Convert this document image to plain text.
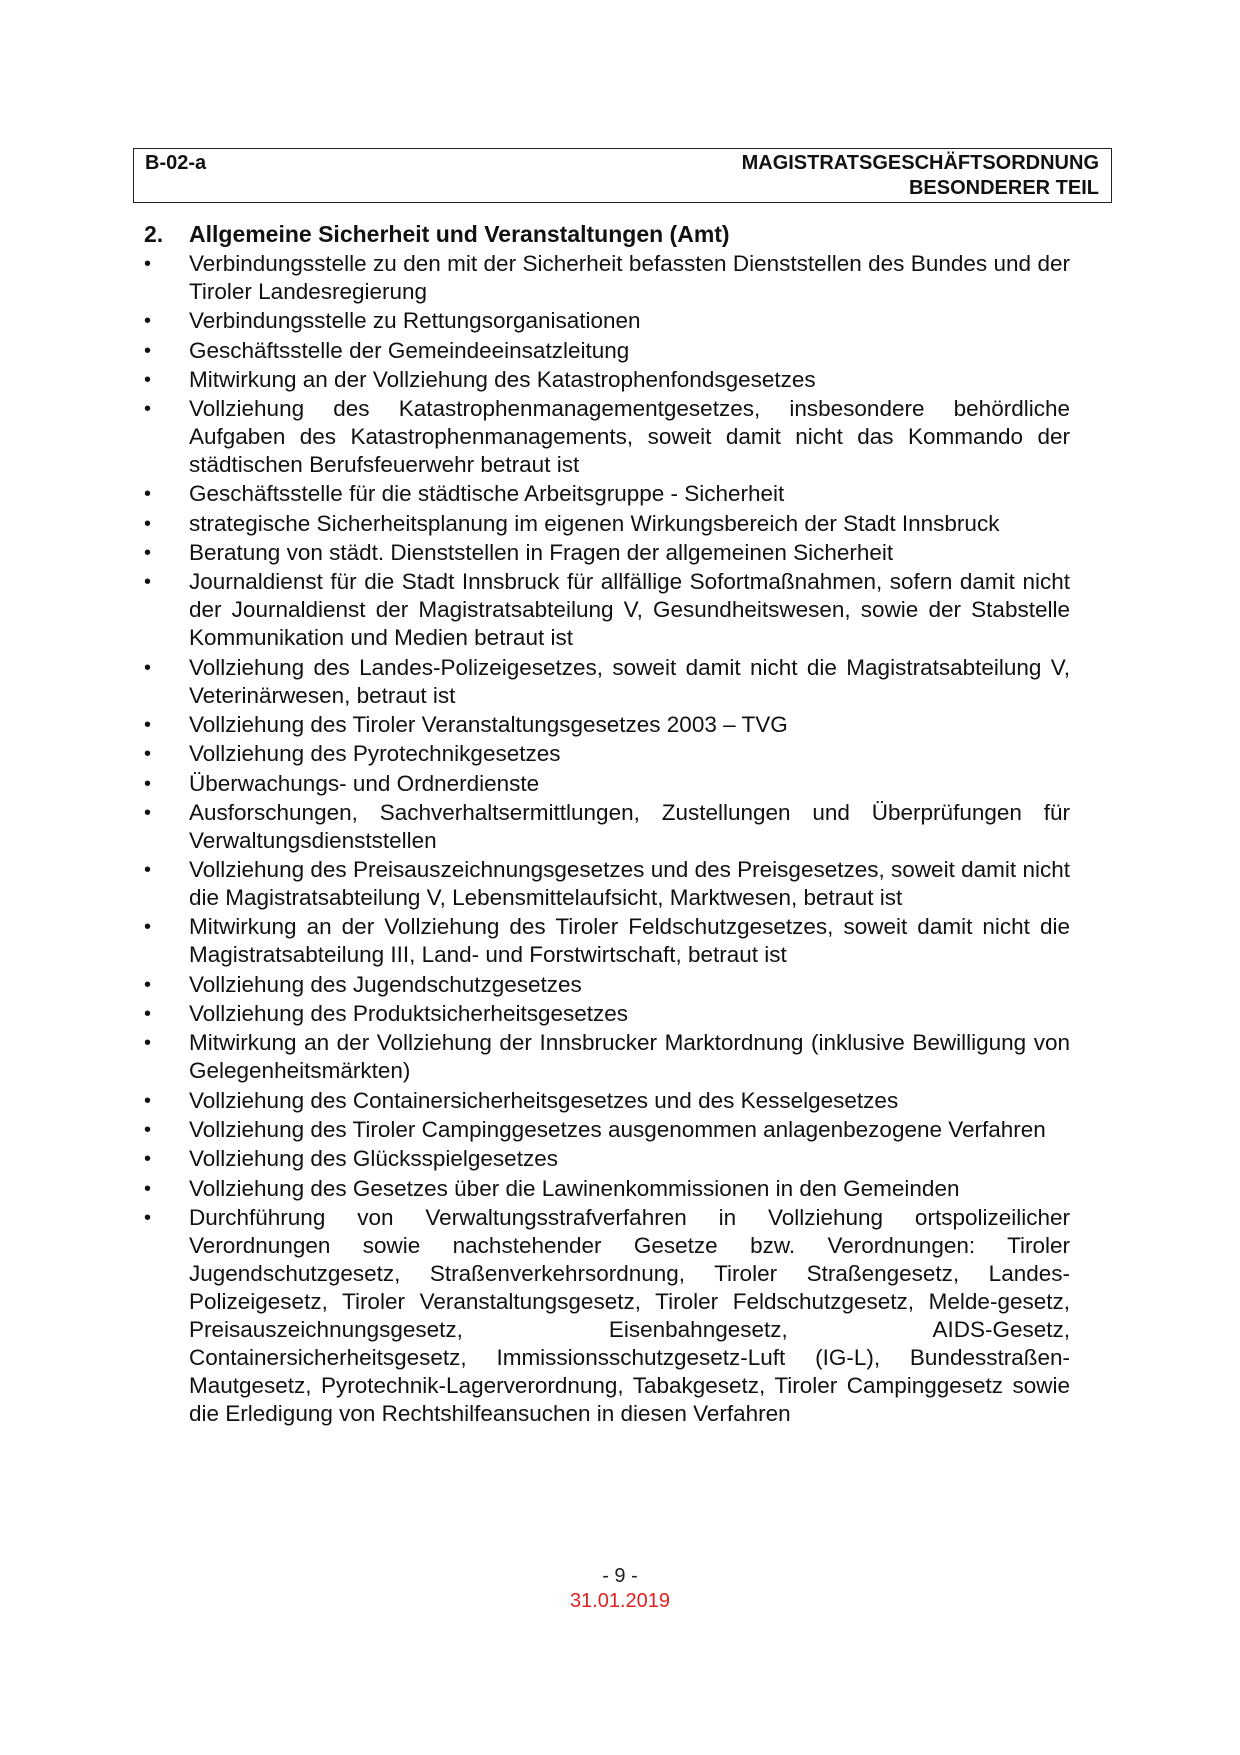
B-02-a	MAGISTRATSGESCHÄFTSORDNUNG
BESONDERER TEIL
2.	Allgemeine Sicherheit und Veranstaltungen (Amt)
•	Verbindungsstelle zu den mit der Sicherheit befassten Dienststellen des Bundes und der Tiroler Landesregierung
•	Verbindungsstelle zu Rettungsorganisationen
•	Geschäftsstelle der Gemeindeeinsatzleitung
•	Mitwirkung an der Vollziehung des Katastrophenfondsgesetzes
•	Vollziehung des Katastrophenmanagementgesetzes, insbesondere behördliche Aufgaben des Katastrophenmanagements, soweit damit nicht das Kommando der städtischen Berufsfeuerwehr betraut ist
•	Geschäftsstelle für die städtische Arbeitsgruppe - Sicherheit
•	strategische Sicherheitsplanung im eigenen Wirkungsbereich der Stadt Innsbruck
•	Beratung von städt. Dienststellen in Fragen der allgemeinen Sicherheit
•	Journaldienst für die Stadt Innsbruck für allfällige Sofortmaßnahmen, sofern damit nicht der Journaldienst der Magistratsabteilung V, Gesundheitswesen, sowie der Stabstelle Kommunikation und Medien betraut ist
•	Vollziehung des Landes-Polizeigesetzes, soweit damit nicht die Magistratsabteilung V, Veterinärwesen, betraut ist
•	Vollziehung des Tiroler Veranstaltungsgesetzes 2003 – TVG
•	Vollziehung des Pyrotechnikgesetzes
•	Überwachungs- und Ordnerdienste
•	Ausforschungen, Sachverhaltsermittlungen, Zustellungen und Überprüfungen für Verwaltungsdienststellen
•	Vollziehung des Preisauszeichnungsgesetzes und des Preisgesetzes, soweit damit nicht die Magistratsabteilung V, Lebensmittelaufsicht, Marktwesen, betraut ist
•	Mitwirkung an der Vollziehung des Tiroler Feldschutzgesetzes, soweit damit nicht die Magistratsabteilung III, Land- und Forstwirtschaft, betraut ist
•	Vollziehung des Jugendschutzgesetzes
•	Vollziehung des Produktsicherheitsgesetzes
•	Mitwirkung an der Vollziehung der Innsbrucker Marktordnung (inklusive Bewilligung von Gelegenheitsmärkten)
•	Vollziehung des Containersicherheitsgesetzes und des Kesselgesetzes
•	Vollziehung des Tiroler Campinggesetzes ausgenommen anlagenbezogene Verfahren
•	Vollziehung des Glücksspielgesetzes
•	Vollziehung des Gesetzes über die Lawinenkommissionen in den Gemeinden
•	Durchführung von Verwaltungsstrafverfahren in Vollziehung ortspolizeilicher Verordnungen sowie nachstehender Gesetze bzw. Verordnungen: Tiroler Jugendschutzgesetz, Straßenverkehrsordnung, Tiroler Straßengesetz, Landes-Polizeigesetz, Tiroler Veranstaltungsgesetz, Tiroler Feldschutzgesetz, Melde-gesetz, Preisauszeichnungsgesetz, Eisenbahngesetz, AIDS-Gesetz, Containersicherheitsgesetz, Immissionsschutzgesetz-Luft (IG-L), Bundesstraßen-Mautgesetz, Pyrotechnik-Lagerverordnung, Tabakgesetz, Tiroler Campinggesetz sowie die Erledigung von Rechtshilfeansuchen in diesen Verfahren
- 9 -
31.01.2019
